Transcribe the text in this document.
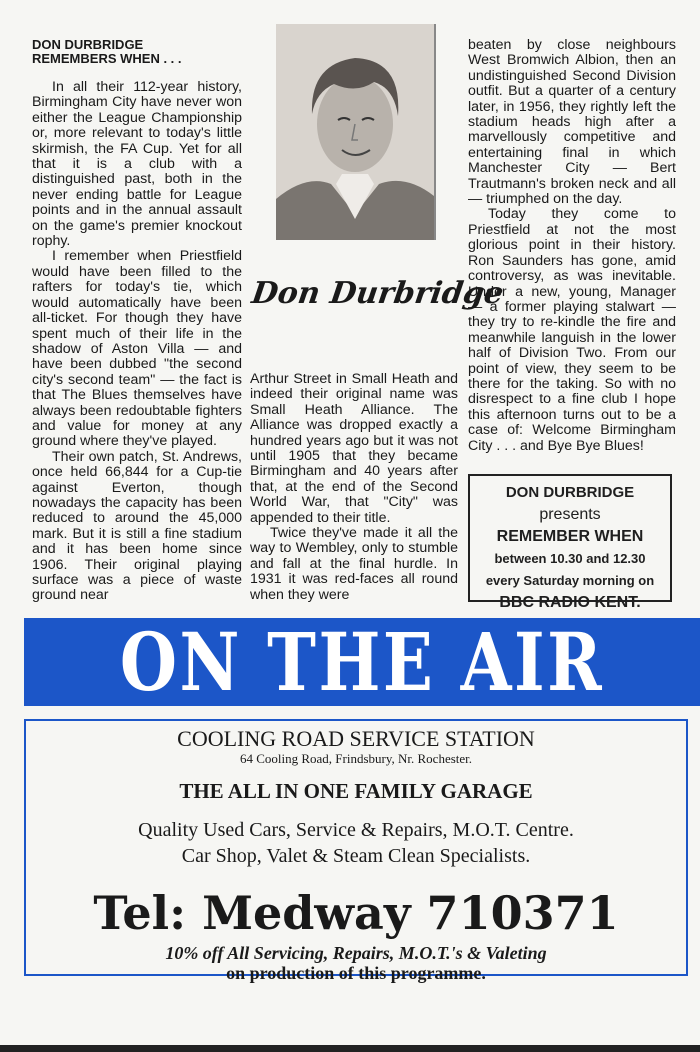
DON DURBRIDGE
REMEMBERS WHEN . . .

In all their 112-year history, Birmingham City have never won either the League Championship or, more relevant to today's little skirmish, the FA Cup. Yet for all that it is a club with a distinguished past, both in the never ending battle for League points and in the annual assault on the game's premier knockout rophy.

I remember when Priestfield would have been filled to the rafters for today's tie, which would automatically have been all-ticket. For though they have spent much of their life in the shadow of Aston Villa — and have been dubbed "the second city's second team" — the fact is that The Blues themselves have always been redoubtable fighters and value for money at any ground where they've played.

Their own patch, St. Andrews, once held 66,844 for a Cup-tie against Everton, though nowadays the capacity has been reduced to around the 45,000 mark. But it is still a fine stadium and it has been home since 1906. Their original playing surface was a piece of waste ground near

Don Durbridge

Arthur Street in Small Heath and indeed their original name was Small Heath Alliance. The Alliance was dropped exactly a hundred years ago but it was not until 1905 that they became Birmingham and 40 years after that, at the end of the Second World War, that "City" was appended to their title.

Twice they've made it all the way to Wembley, only to stumble and fall at the final hurdle. In 1931 it was red-faces all round when they were

beaten by close neighbours West Bromwich Albion, then an undistinguished Second Division outfit. But a quarter of a century later, in 1956, they rightly left the stadium heads high after a marvellously competitive and entertaining final in which Manchester City — Bert Trautmann's broken neck and all — triumphed on the day.

Today they come to Priestfield at not the most glorious point in their history. Ron Saunders has gone, amid controversy, as was inevitable. Under a new, young, Manager — a former playing stalwart — they try to re-kindle the fire and meanwhile languish in the lower half of Division Two. From our point of view, they seem to be there for the taking. So with no disrespect to a fine club I hope this afternoon turns out to be a case of: Welcome Birmingham City . . . and Bye Bye Blues!

DON DURBRIDGE
presents
REMEMBER WHEN
between 10.30 and 12.30
every Saturday morning on
BBC RADIO KENT.
ON THE AIR
COOLING ROAD SERVICE STATION
64 Cooling Road, Frindsbury, Nr. Rochester.
THE ALL IN ONE FAMILY GARAGE
Quality Used Cars, Service & Repairs, M.O.T. Centre.
Car Shop, Valet & Steam Clean Specialists.
Tel: Medway 710371
10% off All Servicing, Repairs, M.O.T.'s & Valeting
on production of this programme.
